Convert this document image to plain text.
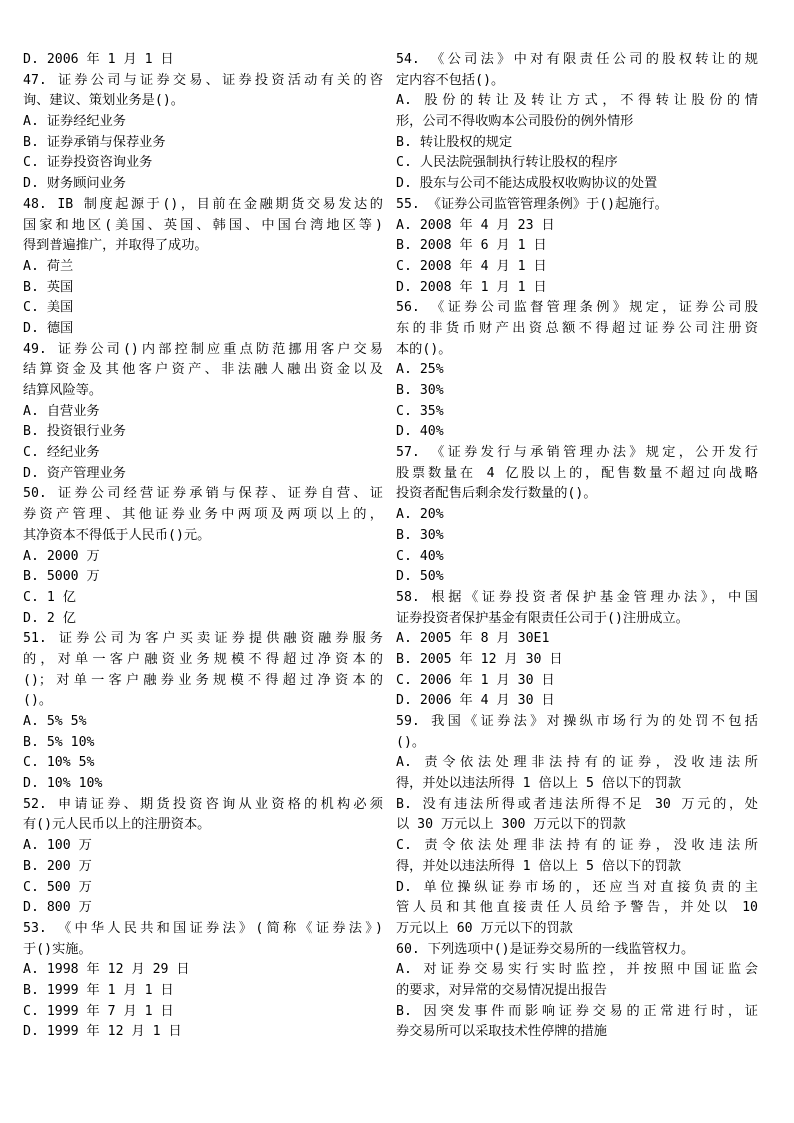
D. 2006 年 1 月 1 日
47. 证券公司与证券交易、证券投资活动有关的咨
询、建议、策划业务是()。
A. 证券经纪业务
B. 证券承销与保荐业务
C. 证券投资咨询业务
D. 财务顾问业务
48. IB 制度起源于()，目前在金融期货交易发达的
国家和地区(美国、英国、韩国、中国台湾地区等)
得到普遍推广，并取得了成功。
A. 荷兰
B. 英国
C. 美国
D. 德国
49. 证券公司()内部控制应重点防范挪用客户交易
结算资金及其他客户资产、非法融人融出资金以及
结算风险等。
A. 自营业务
B. 投资银行业务
C. 经纪业务
D. 资产管理业务
50. 证券公司经营证券承销与保荐、证券自营、证
券资产管理、其他证券业务中两项及两项以上的，
其净资本不得低于人民币()元。
A. 2000 万
B. 5000 万
C. 1 亿
D. 2 亿
51. 证券公司为客户买卖证券提供融资融券服务
的，对单一客户融资业务规模不得超过净资本的
()；对单一客户融券业务规模不得超过净资本的
()。
A. 5% 5%
B. 5% 10%
C. 10% 5%
D. 10% 10%
52. 申请证券、期货投资咨询从业资格的机构必须
有()元人民币以上的注册资本。
A. 100 万
B. 200 万
C. 500 万
D. 800 万
53. 《中华人民共和国证券法》(简称《证券法》)
于()实施。
A. 1998 年 12 月 29 日
B. 1999 年 1 月 1 日
C. 1999 年 7 月 1 日
D. 1999 年 12 月 1 日
54. 《公司法》中对有限责任公司的股权转让的规
定内容不包括()。
A. 股份的转让及转让方式，不得转让股份的情
形，公司不得收购本公司股份的例外情形
B. 转让股权的规定
C. 人民法院强制执行转让股权的程序
D. 股东与公司不能达成股权收购协议的处置
55. 《证券公司监管管理条例》于()起施行。
A. 2008 年 4 月 23 日
B. 2008 年 6 月 1 日
C. 2008 年 4 月 1 日
D. 2008 年 1 月 1 日
56. 《证券公司监督管理条例》规定，证券公司股
东的非货币财产出资总额不得超过证券公司注册资
本的()。
A. 25%
B. 30%
C. 35%
D. 40%
57. 《证券发行与承销管理办法》规定，公开发行
股票数量在 4 亿股以上的，配售数量不超过向战略
投资者配售后剩余发行数量的()。
A. 20%
B. 30%
C. 40%
D. 50%
58. 根据《证券投资者保护基金管理办法》，中国
证券投资者保护基金有限责任公司于()注册成立。
A. 2005 年 8 月 30E1
B. 2005 年 12 月 30 日
C. 2006 年 1 月 30 日
D. 2006 年 4 月 30 日
59. 我国《证券法》对操纵市场行为的处罚不包括
()。
A. 责令依法处理非法持有的证券，没收违法所
得，并处以违法所得 1 倍以上 5 倍以下的罚款
B. 没有违法所得或者违法所得不足 30 万元的，处
以 30 万元以上 300 万元以下的罚款
C. 责令依法处理非法持有的证券，没收违法所
得，并处以违法所得 1 倍以上 5 倍以下的罚款
D. 单位操纵证券市场的，还应当对直接负责的主
管人员和其他直接责任人员给予警告，并处以 10
万元以上 60 万元以下的罚款
60. 下列选项中()是证券交易所的一线监管权力。
A. 对证券交易实行实时监控，并按照中国证监会
的要求，对异常的交易情况提出报告
B. 因突发事件而影响证券交易的正常进行时，证
券交易所可以采取技术性停牌的措施
